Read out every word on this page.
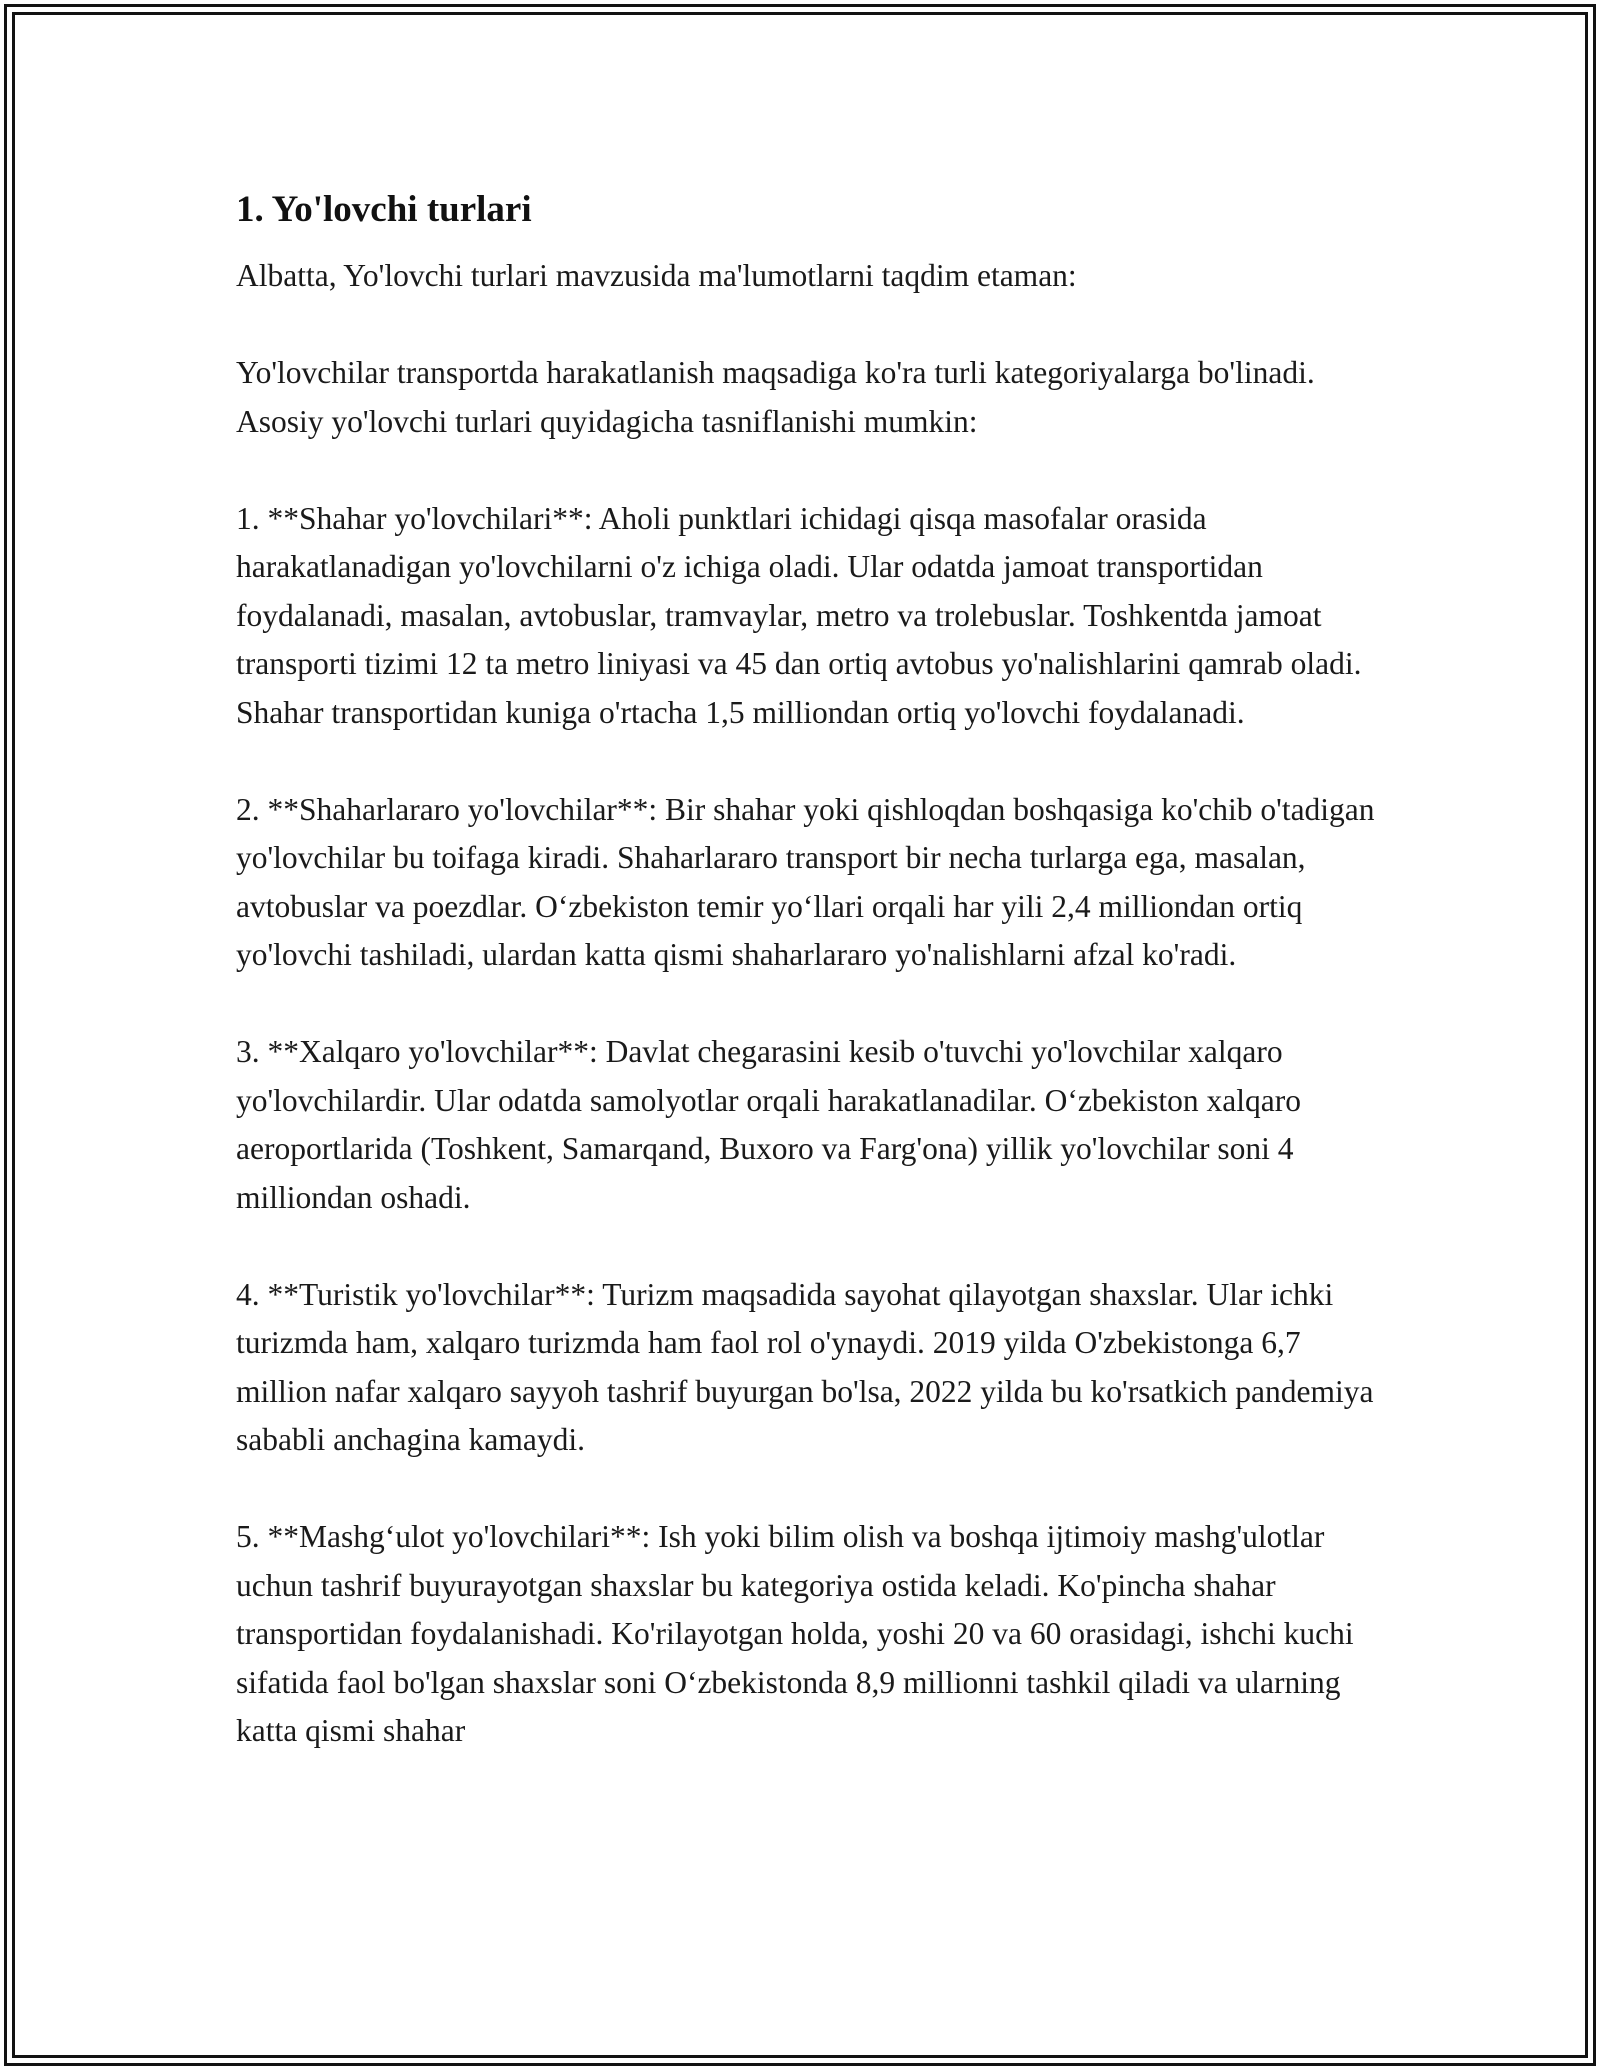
1. Yo'lovchi turlari

Albatta, Yo'lovchi turlari mavzusida ma'lumotlarni taqdim etaman:

Yo'lovchilar transportda harakatlanish maqsadiga ko'ra turli kategoriyalarga bo'linadi. Asosiy yo'lovchi turlari quyidagicha tasniflanishi mumkin:

1. **Shahar yo'lovchilari**: Aholi punktlari ichidagi qisqa masofalar orasida harakatlanadigan yo'lovchilarni o'z ichiga oladi. Ular odatda jamoat transportidan foydalanadi, masalan, avtobuslar, tramvaylar, metro va trolebuslar. Toshkentda jamoat transporti tizimi 12 ta metro liniyasi va 45 dan ortiq avtobus yo'nalishlarini qamrab oladi. Shahar transportidan kuniga o'rtacha 1,5 milliondan ortiq yo'lovchi foydalanadi.

2. **Shaharlararo yo'lovchilar**: Bir shahar yoki qishloqdan boshqasiga ko'chib o'tadigan yo'lovchilar bu toifaga kiradi. Shaharlararo transport bir necha turlarga ega, masalan, avtobuslar va poezdlar. O‘zbekiston temir yo‘llari orqali har yili 2,4 milliondan ortiq yo'lovchi tashiladi, ulardan katta qismi shaharlararo yo'nalishlarni afzal ko'radi.

3. **Xalqaro yo'lovchilar**: Davlat chegarasini kesib o'tuvchi yo'lovchilar xalqaro yo'lovchilardir. Ular odatda samolyotlar orqali harakatlanadilar. O‘zbekiston xalqaro aeroportlarida (Toshkent, Samarqand, Buxoro va Farg'ona) yillik yo'lovchilar soni 4 milliondan oshadi.

4. **Turistik yo'lovchilar**: Turizm maqsadida sayohat qilayotgan shaxslar. Ular ichki turizmda ham, xalqaro turizmda ham faol rol o'ynaydi. 2019 yilda O'zbekistonga 6,7 million nafar xalqaro sayyoh tashrif buyurgan bo'lsa, 2022 yilda bu ko'rsatkich pandemiya sababli anchagina kamaydi.

5. **Mashg‘ulot yo'lovchilari**: Ish yoki bilim olish va boshqa ijtimoiy mashg'ulotlar uchun tashrif buyurayotgan shaxslar bu kategoriya ostida keladi. Ko'pincha shahar transportidan foydalanishadi. Ko'rilayotgan holda, yoshi 20 va 60 orasidagi, ishchi kuchi sifatida faol bo'lgan shaxslar soni O‘zbekistonda 8,9 millionni tashkil qiladi va ularning katta qismi shahar
